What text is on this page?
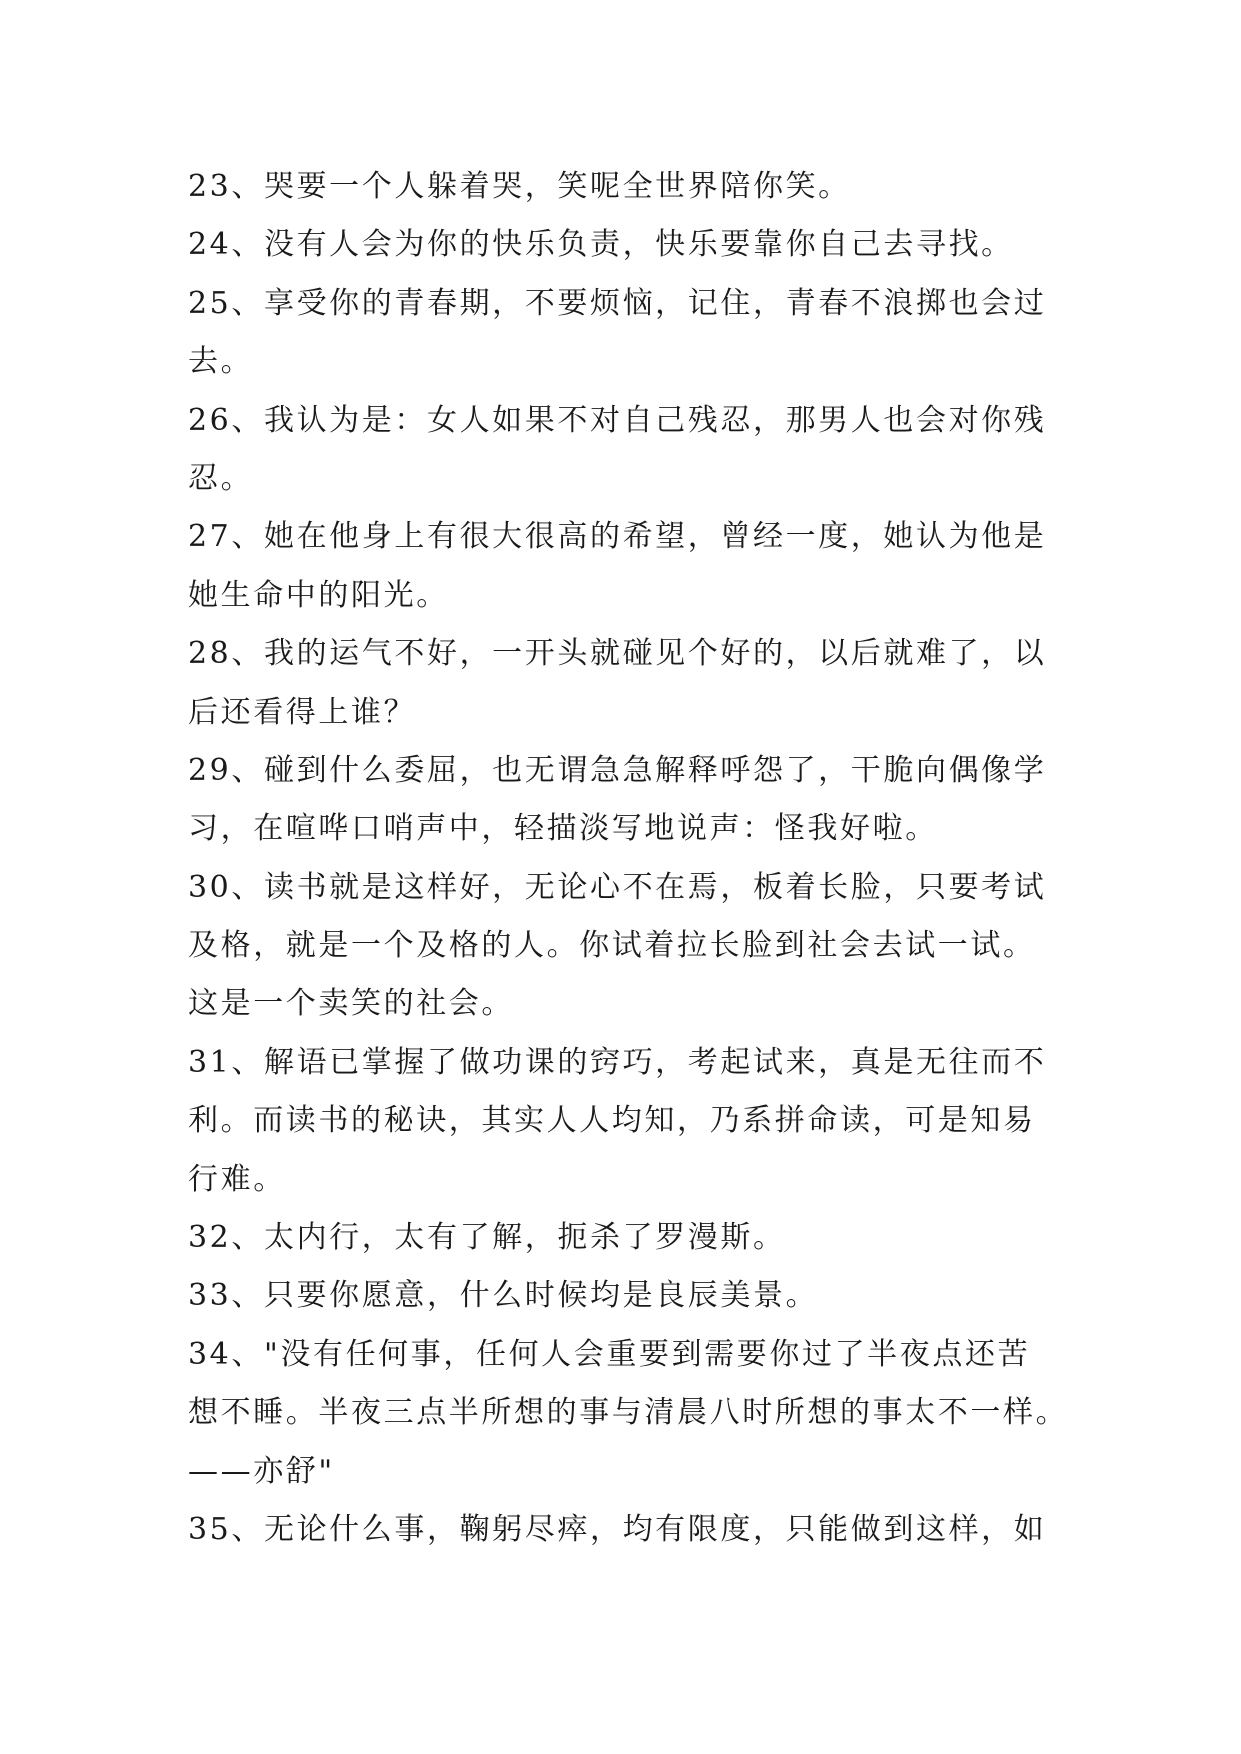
23、哭要一个人躲着哭，笑呢全世界陪你笑。
24、没有人会为你的快乐负责，快乐要靠你自己去寻找。
25、享受你的青春期，不要烦恼，记住，青春不浪掷也会过
去。
26、我认为是：女人如果不对自己残忍，那男人也会对你残
忍。
27、她在他身上有很大很高的希望，曾经一度，她认为他是
她生命中的阳光。
28、我的运气不好，一开头就碰见个好的，以后就难了，以
后还看得上谁？
29、碰到什么委屈，也无谓急急解释呼怨了，干脆向偶像学
习，在喧哗口哨声中，轻描淡写地说声：怪我好啦。
30、读书就是这样好，无论心不在焉，板着长脸，只要考试
及格，就是一个及格的人。你试着拉长脸到社会去试一试。
这是一个卖笑的社会。
31、解语已掌握了做功课的窍巧，考起试来，真是无往而不
利。而读书的秘诀，其实人人均知，乃系拼命读，可是知易
行难。
32、太内行，太有了解，扼杀了罗漫斯。
33、只要你愿意，什么时候均是良辰美景。
34、"没有任何事，任何人会重要到需要你过了半夜点还苦
想不睡。半夜三点半所想的事与清晨八时所想的事太不一样。
——亦舒"
35、无论什么事，鞠躬尽瘁，均有限度，只能做到这样，如
